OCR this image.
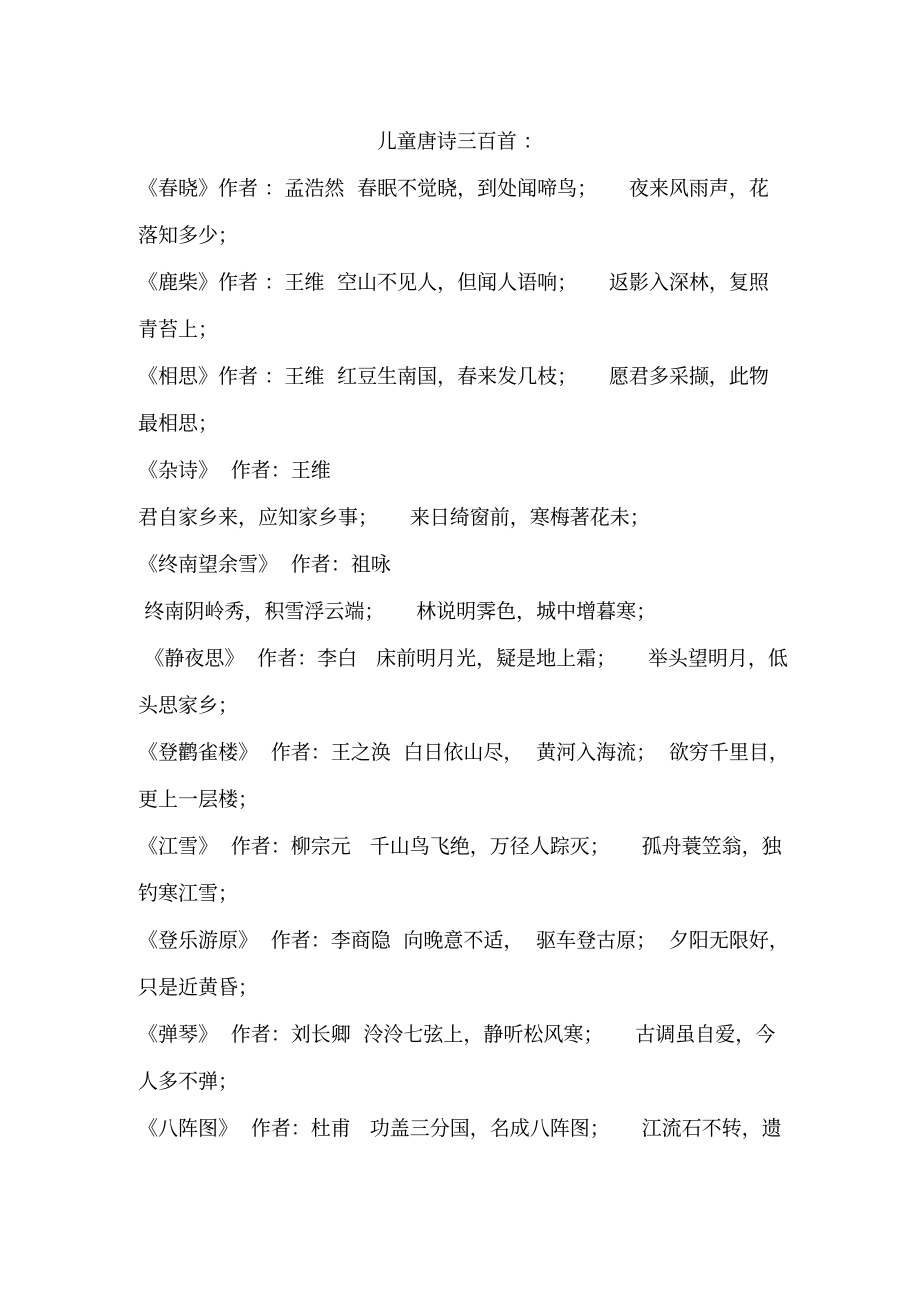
儿童唐诗三百首 ：
《春晓》作者 ：孟浩然  春眠不觉晓，到处闻啼鸟；     夜来风雨声，花
落知多少；
《鹿柴》作者 ：王维  空山不见人，但闻人语响；     返影入深林，复照
青苔上；
《相思》作者 ：王维  红豆生南国，春来发几枝；     愿君多采撷，此物
最相思；
《杂诗》  作者：王维
君自家乡来，应知家乡事；     来日绮窗前，寒梅著花未；
《终南望余雪》  作者：祖咏
终南阴岭秀，积雪浮云端；     林说明霁色，城中增暮寒；
《静夜思》  作者：李白   床前明月光，疑是地上霜；     举头望明月，低
头思家乡；
《登鹳雀楼》  作者：王之涣  白日依山尽，  黄河入海流；  欲穷千里目，
更上一层楼；
《江雪》  作者：柳宗元   千山鸟飞绝，万径人踪灭；     孤舟蓑笠翁，独
钓寒江雪；
《登乐游原》  作者：李商隐  向晚意不适，  驱车登古原；  夕阳无限好，
只是近黄昏；
《弹琴》  作者：刘长卿  泠泠七弦上，静听松风寒；     古调虽自爱，今
人多不弹；
《八阵图》  作者：杜甫   功盖三分国，名成八阵图；     江流石不转，遗
